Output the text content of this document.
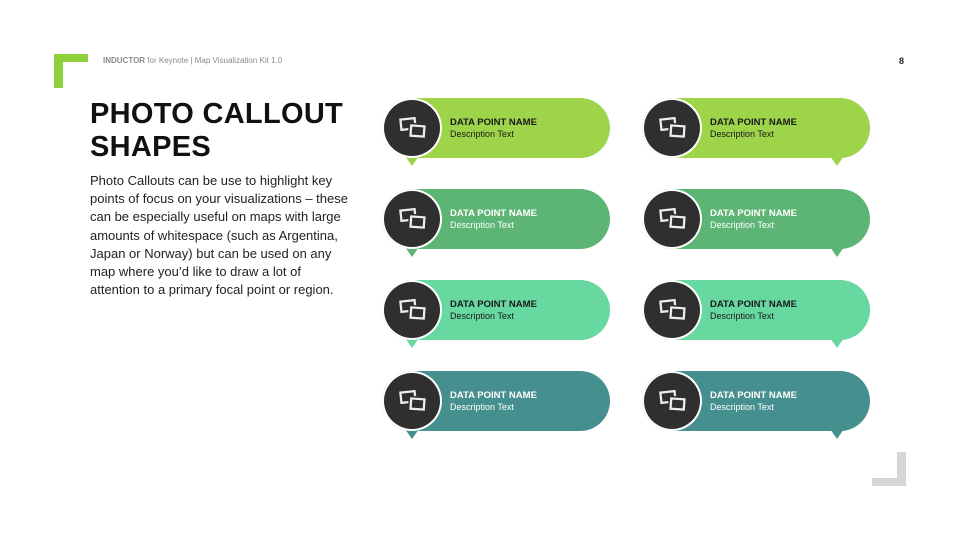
INDUCTOR for Keynote | Map Visualization Kit 1.0	8
PHOTO CALLOUT
SHAPES
Photo Callouts can be use to highlight key points of focus on your visualizations – these can be especially useful on maps with large amounts of whitespace (such as Argentina, Japan or Norway) but can be used on any map where you’d like to draw a lot of attention to a primary focal point or region.
DATA POINT NAME
Description Text
DATA POINT NAME
Description Text
DATA POINT NAME
Description Text
DATA POINT NAME
Description Text
DATA POINT NAME
Description Text
DATA POINT NAME
Description Text
DATA POINT NAME
Description Text
DATA POINT NAME
Description Text
